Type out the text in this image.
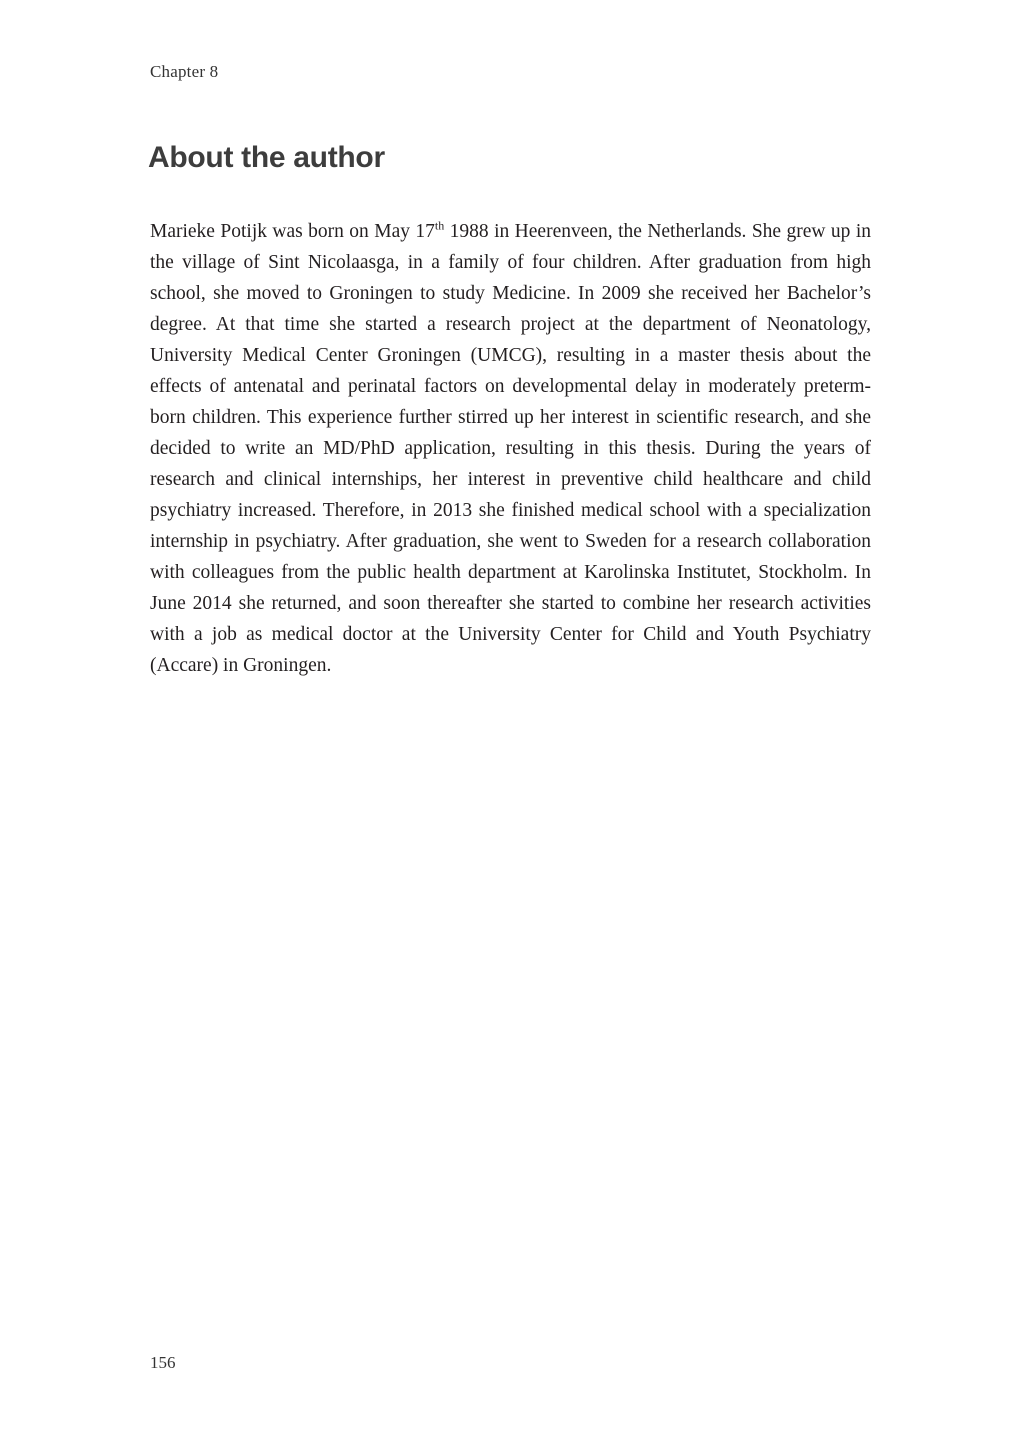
Chapter 8
About the author

Marieke Potijk was born on May 17th 1988 in Heerenveen, the Netherlands. She grew up in the village of Sint Nicolaasga, in a family of four children. After graduation from high school, she moved to Groningen to study Medicine. In 2009 she received her Bachelor’s degree. At that time she started a research project at the department of Neonatology, University Medical Center Groningen (UMCG), resulting in a master thesis about the effects of antenatal and perinatal factors on developmental delay in moderately preterm-born children. This experience further stirred up her interest in scientific research, and she decided to write an MD/PhD application, resulting in this thesis. During the years of research and clinical internships, her interest in preventive child healthcare and child psychiatry increased. Therefore, in 2013 she finished medical school with a specialization internship in psychiatry. After graduation, she went to Sweden for a research collaboration with colleagues from the public health department at Karolinska Institutet, Stockholm. In June 2014 she returned, and soon thereafter she started to combine her research activities with a job as medical doctor at the University Center for Child and Youth Psychiatry (Accare) in Groningen.

156
